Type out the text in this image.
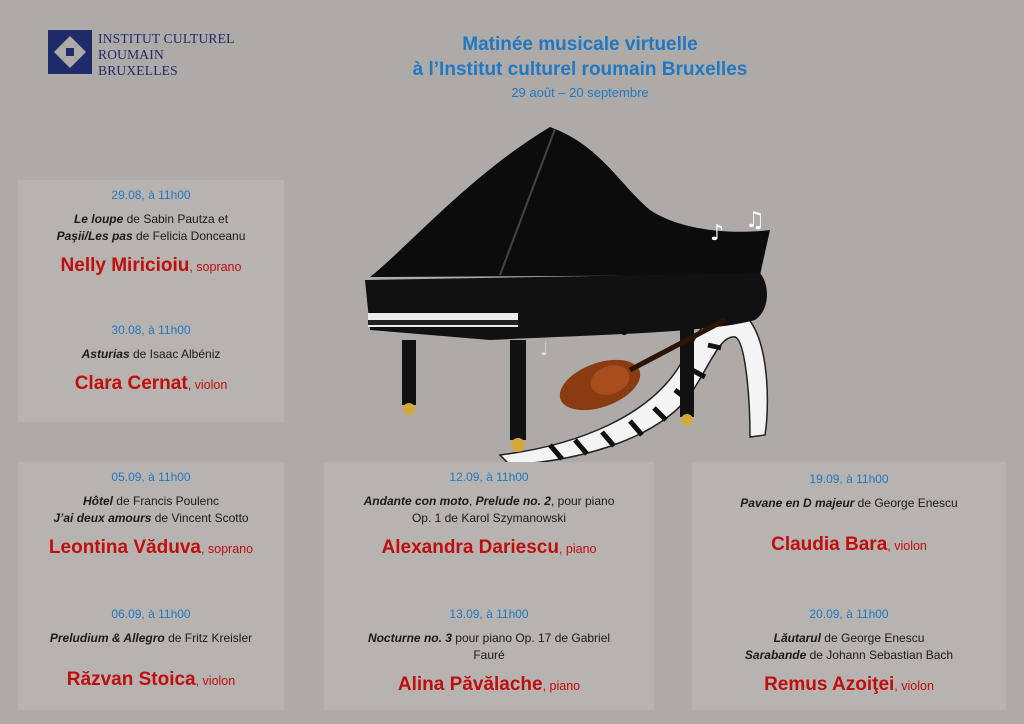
INSTITUT CULTUREL
ROUMAIN
BRUXELLES
Matinée musicale virtuelle
à l’Institut culturel roumain Bruxelles
29 août – 20 septembre
♪
♫
♪
♩
29.08, à 11h00
Le loupe de Sabin Pautza et
Paşii/Les pas de Felicia Donceanu
Nelly Miricioiu, soprano
30.08, à 11h00
Asturias de Isaac Albéniz
Clara Cernat, violon
05.09, à 11h00
Hôtel de Francis Poulenc
J’ai deux amours de Vincent Scotto
Leontina Văduva, soprano
06.09, à 11h00
Preludium & Allegro de Fritz Kreisler
Răzvan Stoica, violon
12.09, à 11h00
Andante con moto, Prelude no. 2, pour piano
Op. 1 de Karol Szymanowski
Alexandra Dariescu, piano
13.09, à 11h00
Nocturne no. 3 pour piano Op. 17 de Gabriel
Fauré
Alina Păvălache, piano
19.09, à 11h00
Pavane en D majeur de George Enescu
Claudia Bara, violon
20.09, à 11h00
Lăutarul de George Enescu
Sarabande de Johann Sebastian Bach
Remus Azoiţei, violon
